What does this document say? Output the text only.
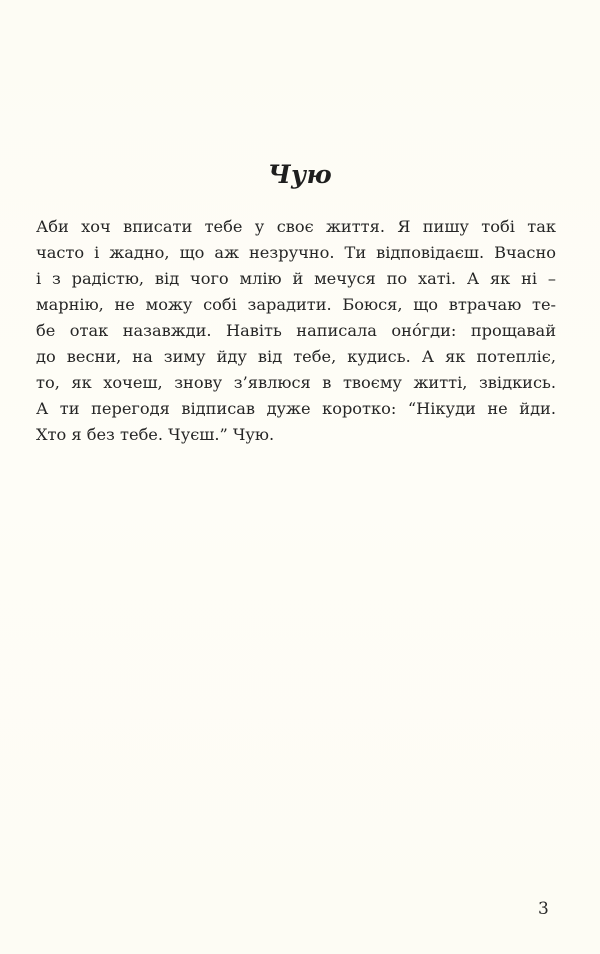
Чую
Аби хоч вписати тебе у своє життя. Я пишу тобі так
часто і жадно, що аж незручно. Ти відповідаєш. Вчасно
і з радістю, від чого млію й мечуся по хаті. А як ні –
марнію, не можу собі зарадити. Боюся, що втрачаю те-
бе отак назавжди. Навіть написала оно́гди: прощавай
до весни, на зиму йду від тебе, кудись. А як потепліє,
то, як хочеш, знову з’явлюся в твоєму житті, звідкись.
А ти перегодя відписав дуже коротко: “Нікуди не йди.
Хто я без тебе. Чуєш.” Чую.
3
